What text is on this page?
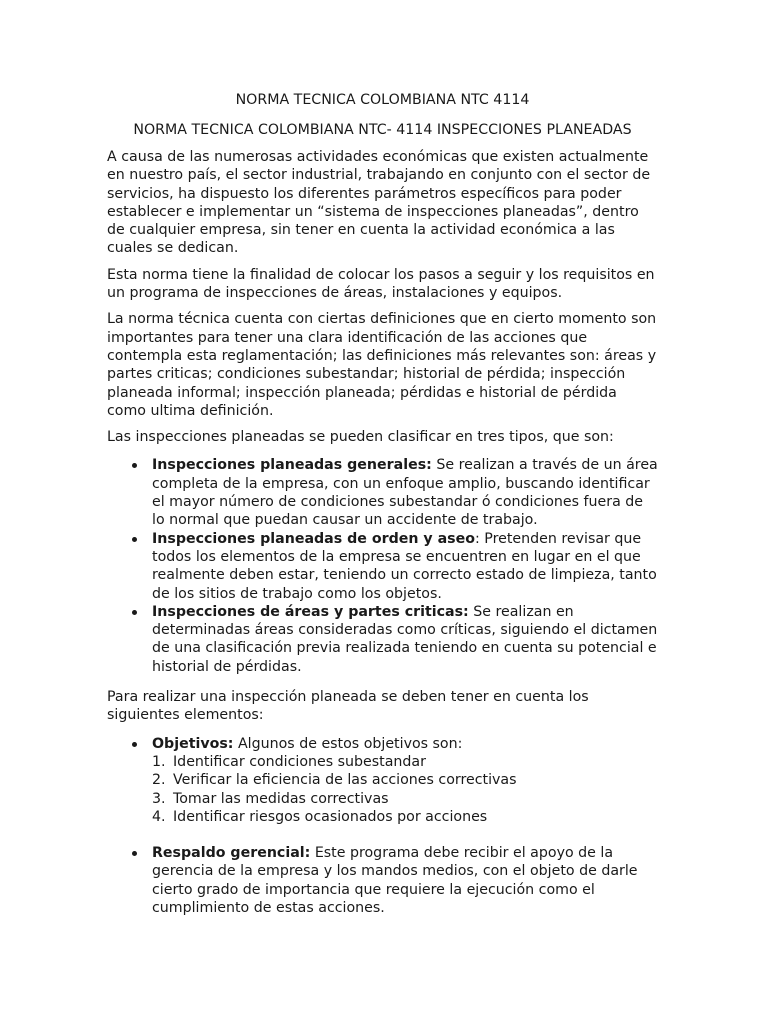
NORMA TECNICA COLOMBIANA NTC 4114
NORMA TECNICA COLOMBIANA NTC- 4114 INSPECCIONES PLANEADAS

A causa de las numerosas actividades económicas que existen actualmente en nuestro país, el sector industrial, trabajando en conjunto con el sector de servicios, ha dispuesto los diferentes parámetros específicos para poder establecer e implementar un “sistema de inspecciones planeadas”, dentro de cualquier empresa, sin tener en cuenta la actividad económica a las cuales se dedican.

Esta norma tiene la finalidad de colocar los pasos a seguir y los requisitos en un programa de inspecciones de áreas, instalaciones y equipos.

La norma técnica cuenta con ciertas definiciones que en cierto momento son importantes para tener una clara identificación de las acciones que contempla esta reglamentación; las definiciones más relevantes son: áreas y partes criticas; condiciones subestandar; historial de pérdida; inspección planeada informal; inspección planeada; pérdidas e historial de pérdida como ultima definición.

Las inspecciones planeadas se pueden clasificar en tres tipos, que son:

Inspecciones planeadas generales: Se realizan a través de un área completa de la empresa, con un enfoque amplio, buscando identificar el mayor número de condiciones subestandar ó condiciones fuera de lo normal que puedan causar un accidente de trabajo.
Inspecciones planeadas de orden y aseo: Pretenden revisar que todos los elementos de la empresa se encuentren en lugar en el que realmente deben estar, teniendo un correcto estado de limpieza, tanto de los sitios de trabajo como los objetos.
Inspecciones de áreas y partes criticas: Se realizan en determinadas áreas consideradas como críticas, siguiendo el dictamen de una clasificación previa realizada teniendo en cuenta su potencial e historial de pérdidas.

Para realizar una inspección planeada se deben tener en cuenta los siguientes elementos:

Objetivos: Algunos de estos objetivos son:
1. Identificar condiciones subestandar
2. Verificar la eficiencia de las acciones correctivas
3. Tomar las medidas correctivas
4. Identificar riesgos ocasionados por acciones
Respaldo gerencial: Este programa debe recibir el apoyo de la gerencia de la empresa y los mandos medios, con el objeto de darle cierto grado de importancia que requiere la ejecución como el cumplimiento de estas acciones.
